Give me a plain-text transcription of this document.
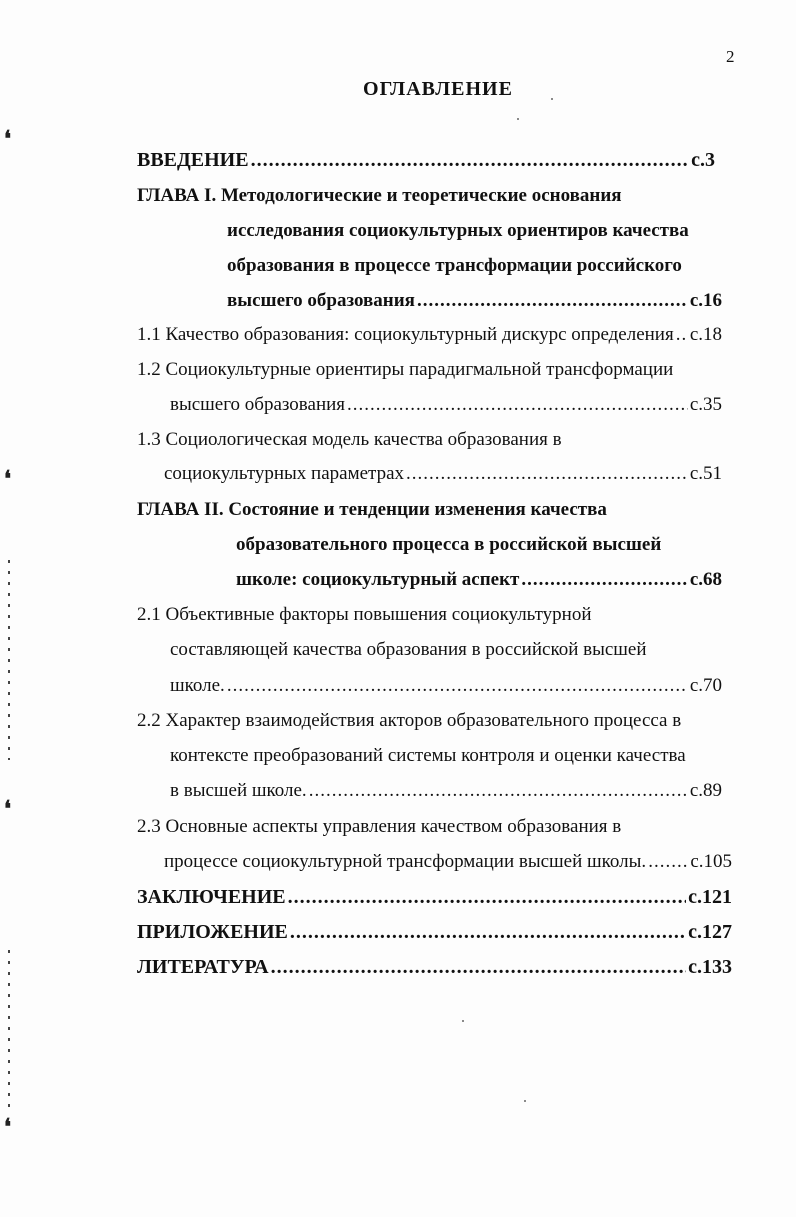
❛
❛
❛
❛
2
ОГЛАВЛЕНИЕ
ВВЕДЕНИЕ .....	с.3
ГЛАВА I. Методологические и теоретические основания
исследования социокультурных ориентиров качества
образования в процессе трансформации российского
высшего образования .....	с.16
1.1 Качество образования: социокультурный дискурс определения ..... с.18
1.2 Социокультурные ориентиры парадигмальной трансформации
высшего образования .....	с.35
1.3 Социологическая модель качества образования в
социокультурных параметрах .....	с.51
ГЛАВА II. Состояние и тенденции изменения качества
образовательного процесса в российской высшей
школе: социокультурный аспект .....	с.68
2.1 Объективные факторы повышения социокультурной
составляющей качества образования в российской высшей
школе. .....	с.70
2.2 Характер взаимодействия акторов образовательного процесса в
контексте преобразований системы контроля и оценки качества
в высшей школе. .....	с.89
2.3 Основные аспекты управления качеством образования в
процессе социокультурной трансформации высшей школы. ..... с.105
ЗАКЛЮЧЕНИЕ .....	с.121
ПРИЛОЖЕНИЕ .....	с.127
ЛИТЕРАТУРА .....	с.133
